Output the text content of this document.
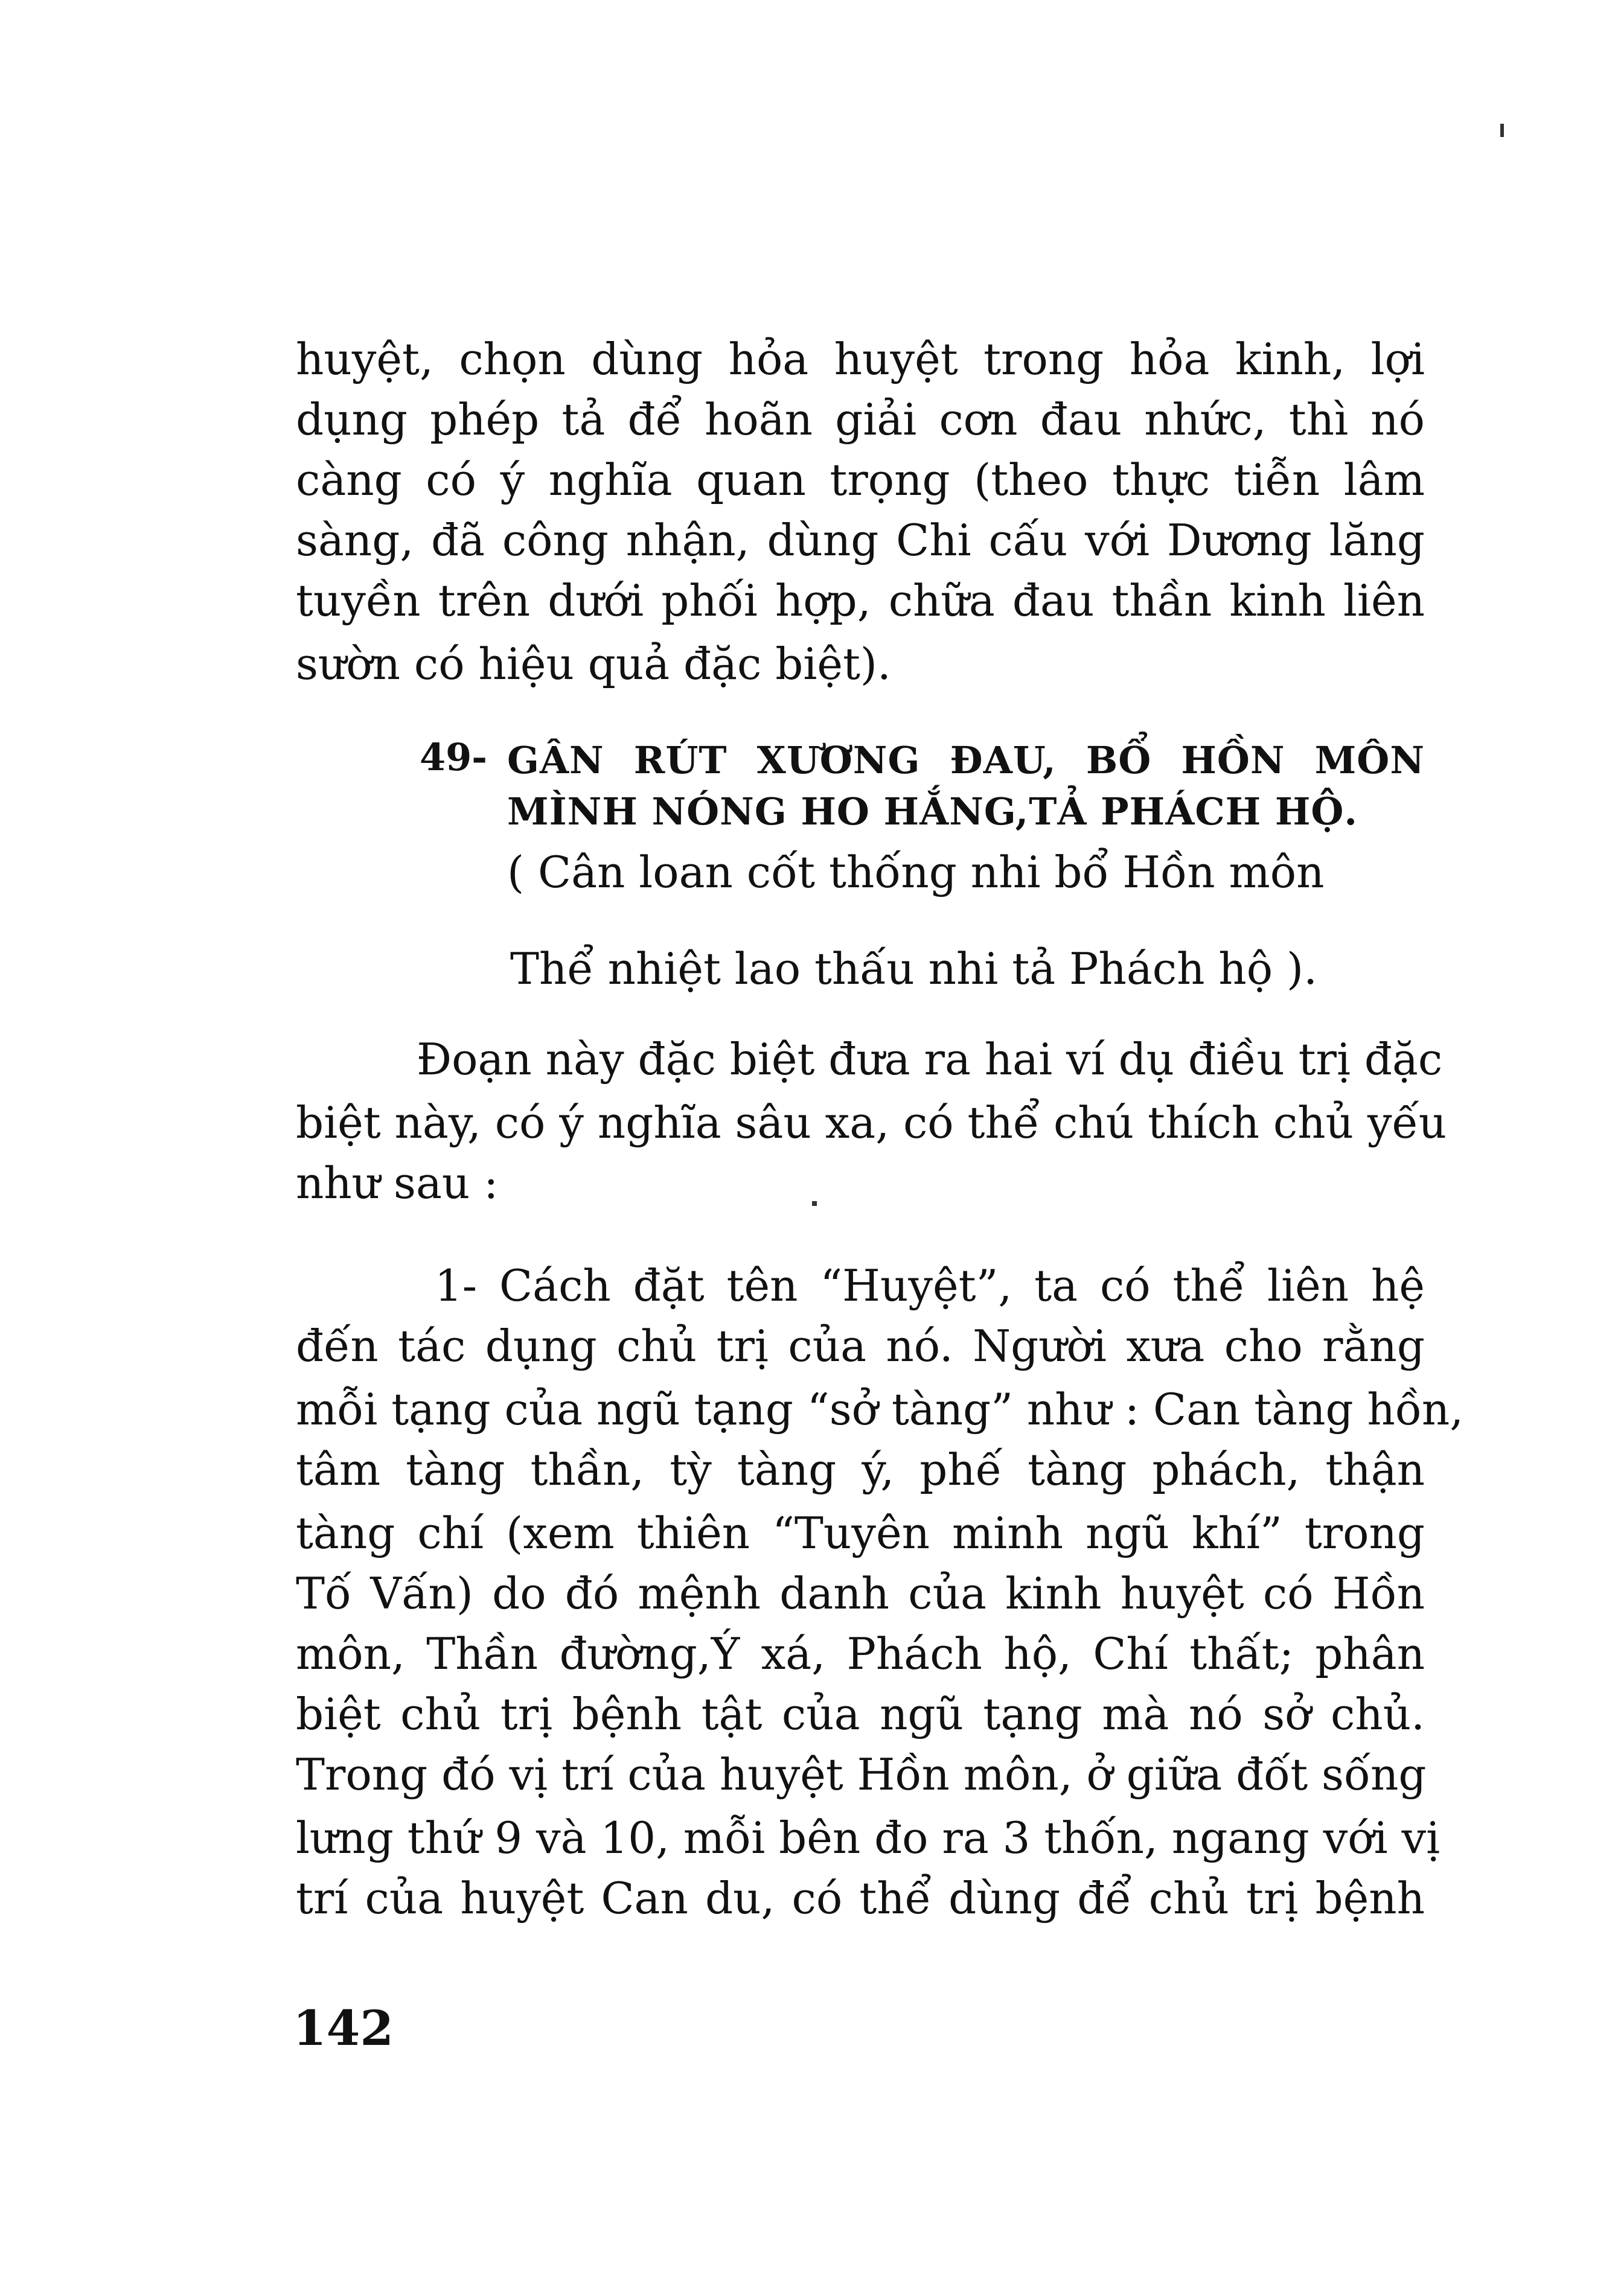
huyệt, chọn dùng hỏa huyệt trong hỏa kinh, lợi
dụng phép tả để hoãn giải cơn đau nhức, thì nó
càng có ý nghĩa quan trọng (theo thực tiễn lâm
sàng, đã công nhận, dùng Chi cấu với Dương lăng
tuyền trên dưới phối hợp, chữa đau thần kinh liên
sườn có hiệu quả đặc biệt).
49- GÂN RÚT XƯƠNG ĐAU, BỔ HỒN MÔN
MÌNH NÓNG HO HẮNG,TẢ PHÁCH HỘ.
( Cân loan cốt thống nhi bổ Hồn môn
Thể nhiệt lao thấu nhi tả Phách hộ ).
Đoạn này đặc biệt đưa ra hai ví dụ điều trị đặc
biệt này, có ý nghĩa sâu xa, có thể chú thích chủ yếu
như sau :
1- Cách đặt tên “Huyệt”, ta có thể liên hệ
đến tác dụng chủ trị của nó. Người xưa cho rằng
mỗi tạng của ngũ tạng “sở tàng” như : Can tàng hồn,
tâm tàng thần, tỳ tàng ý, phế tàng phách, thận
tàng chí (xem thiên “Tuyên minh ngũ khí” trong
Tố Vấn) do đó mệnh danh của kinh huyệt có Hồn
môn, Thần đường,Ý xá, Phách hộ, Chí thất; phân
biệt chủ trị bệnh tật của ngũ tạng mà nó sở chủ.
Trong đó vị trí của huyệt Hồn môn, ở giữa đốt sống
lưng thứ 9 và 10, mỗi bên đo ra 3 thốn, ngang với vị
trí của huyệt Can du, có thể dùng để chủ trị bệnh
142
